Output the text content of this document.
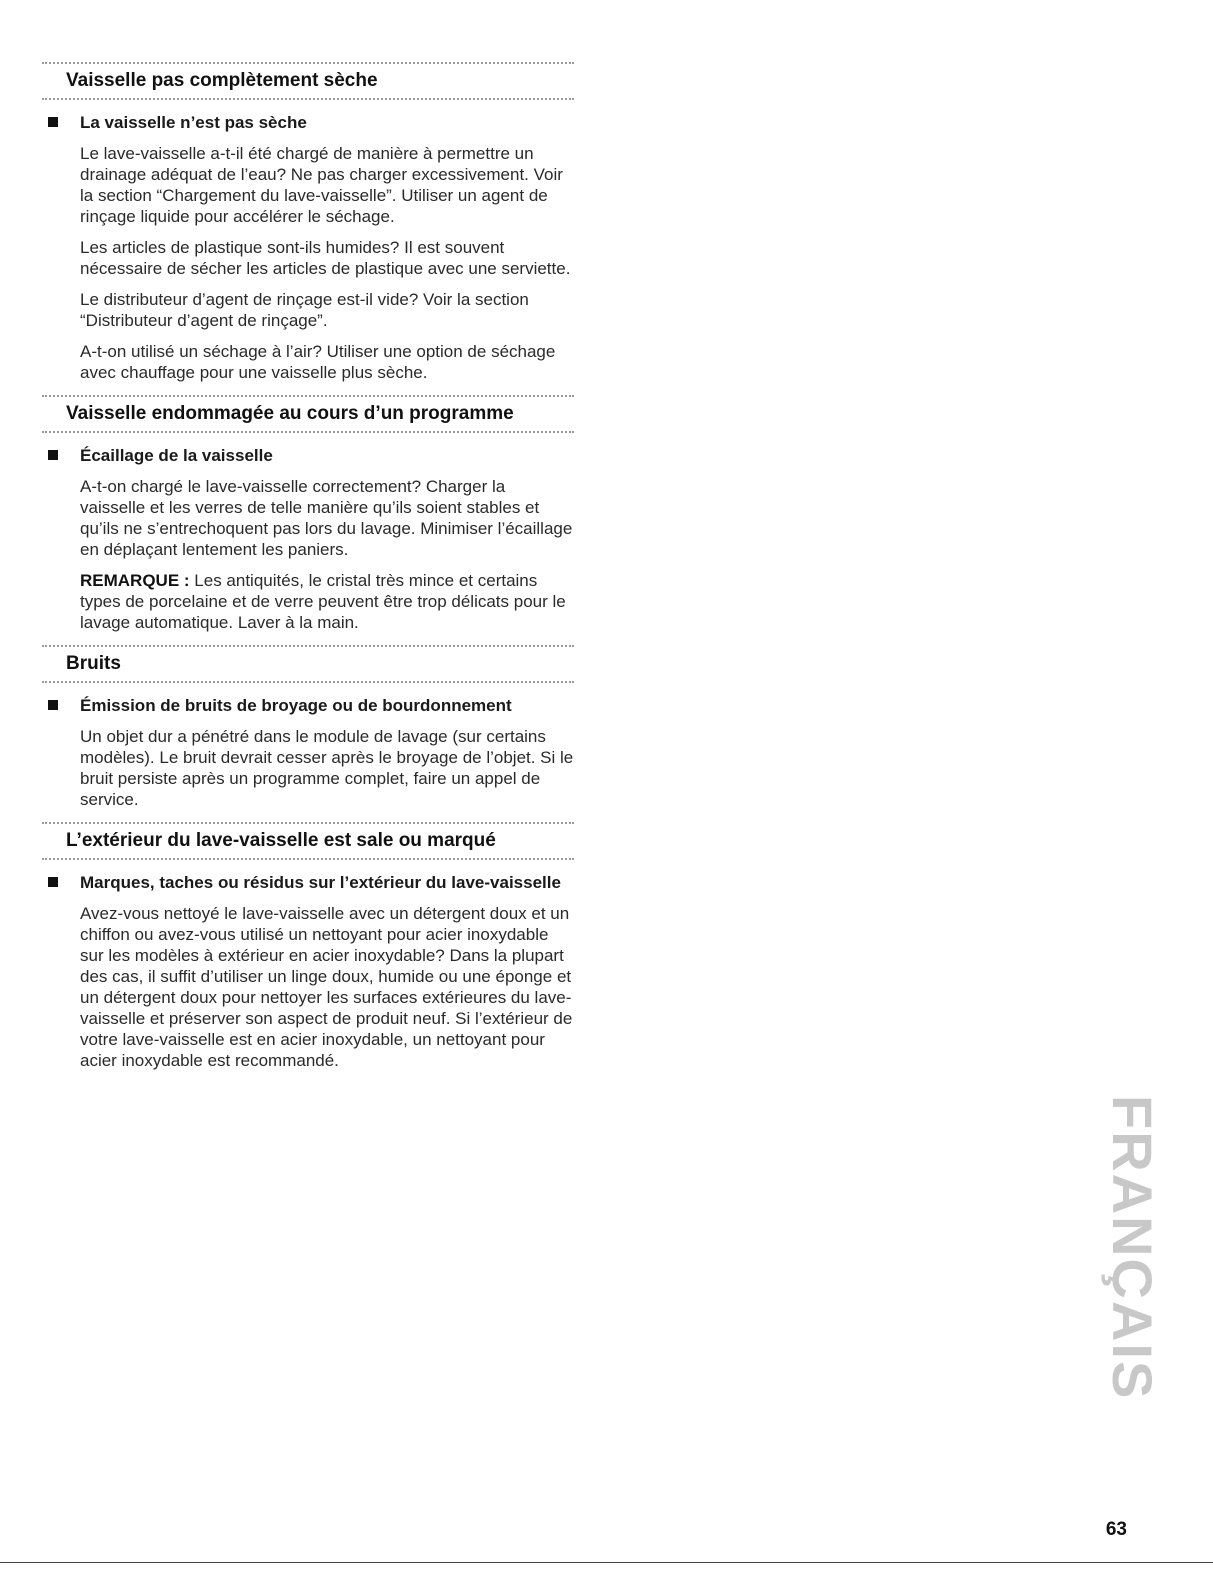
Vaisselle pas complètement sèche
La vaisselle n’est pas sèche

Le lave-vaisselle a-t-il été chargé de manière à permettre un drainage adéquat de l’eau? Ne pas charger excessivement. Voir la section “Chargement du lave-vaisselle”. Utiliser un agent de rinçage liquide pour accélérer le séchage.

Les articles de plastique sont-ils humides? Il est souvent nécessaire de sécher les articles de plastique avec une serviette.

Le distributeur d’agent de rinçage est-il vide? Voir la section “Distributeur d’agent de rinçage”.

A-t-on utilisé un séchage à l’air? Utiliser une option de séchage avec chauffage pour une vaisselle plus sèche.

Vaisselle endommagée au cours d’un programme
Écaillage de la vaisselle

A-t-on chargé le lave-vaisselle correctement? Charger la vaisselle et les verres de telle manière qu’ils soient stables et qu’ils ne s’entrechoquent pas lors du lavage. Minimiser l’écaillage en déplaçant lentement les paniers.

REMARQUE : Les antiquités, le cristal très mince et certains types de porcelaine et de verre peuvent être trop délicats pour le lavage automatique. Laver à la main.

Bruits
Émission de bruits de broyage ou de bourdonnement

Un objet dur a pénétré dans le module de lavage (sur certains modèles). Le bruit devrait cesser après le broyage de l’objet. Si le bruit persiste après un programme complet, faire un appel de service.

L’extérieur du lave-vaisselle est sale ou marqué
Marques, taches ou résidus sur l’extérieur du lave-vaisselle

Avez-vous nettoyé le lave-vaisselle avec un détergent doux et un chiffon ou avez-vous utilisé un nettoyant pour acier inoxydable sur les modèles à extérieur en acier inoxydable? Dans la plupart des cas, il suffit d’utiliser un linge doux, humide ou une éponge et un détergent doux pour nettoyer les surfaces extérieures du lave-vaisselle et préserver son aspect de produit neuf. Si l’extérieur de votre lave-vaisselle est en acier inoxydable, un nettoyant pour acier inoxydable est recommandé.

FRANÇAIS
63
